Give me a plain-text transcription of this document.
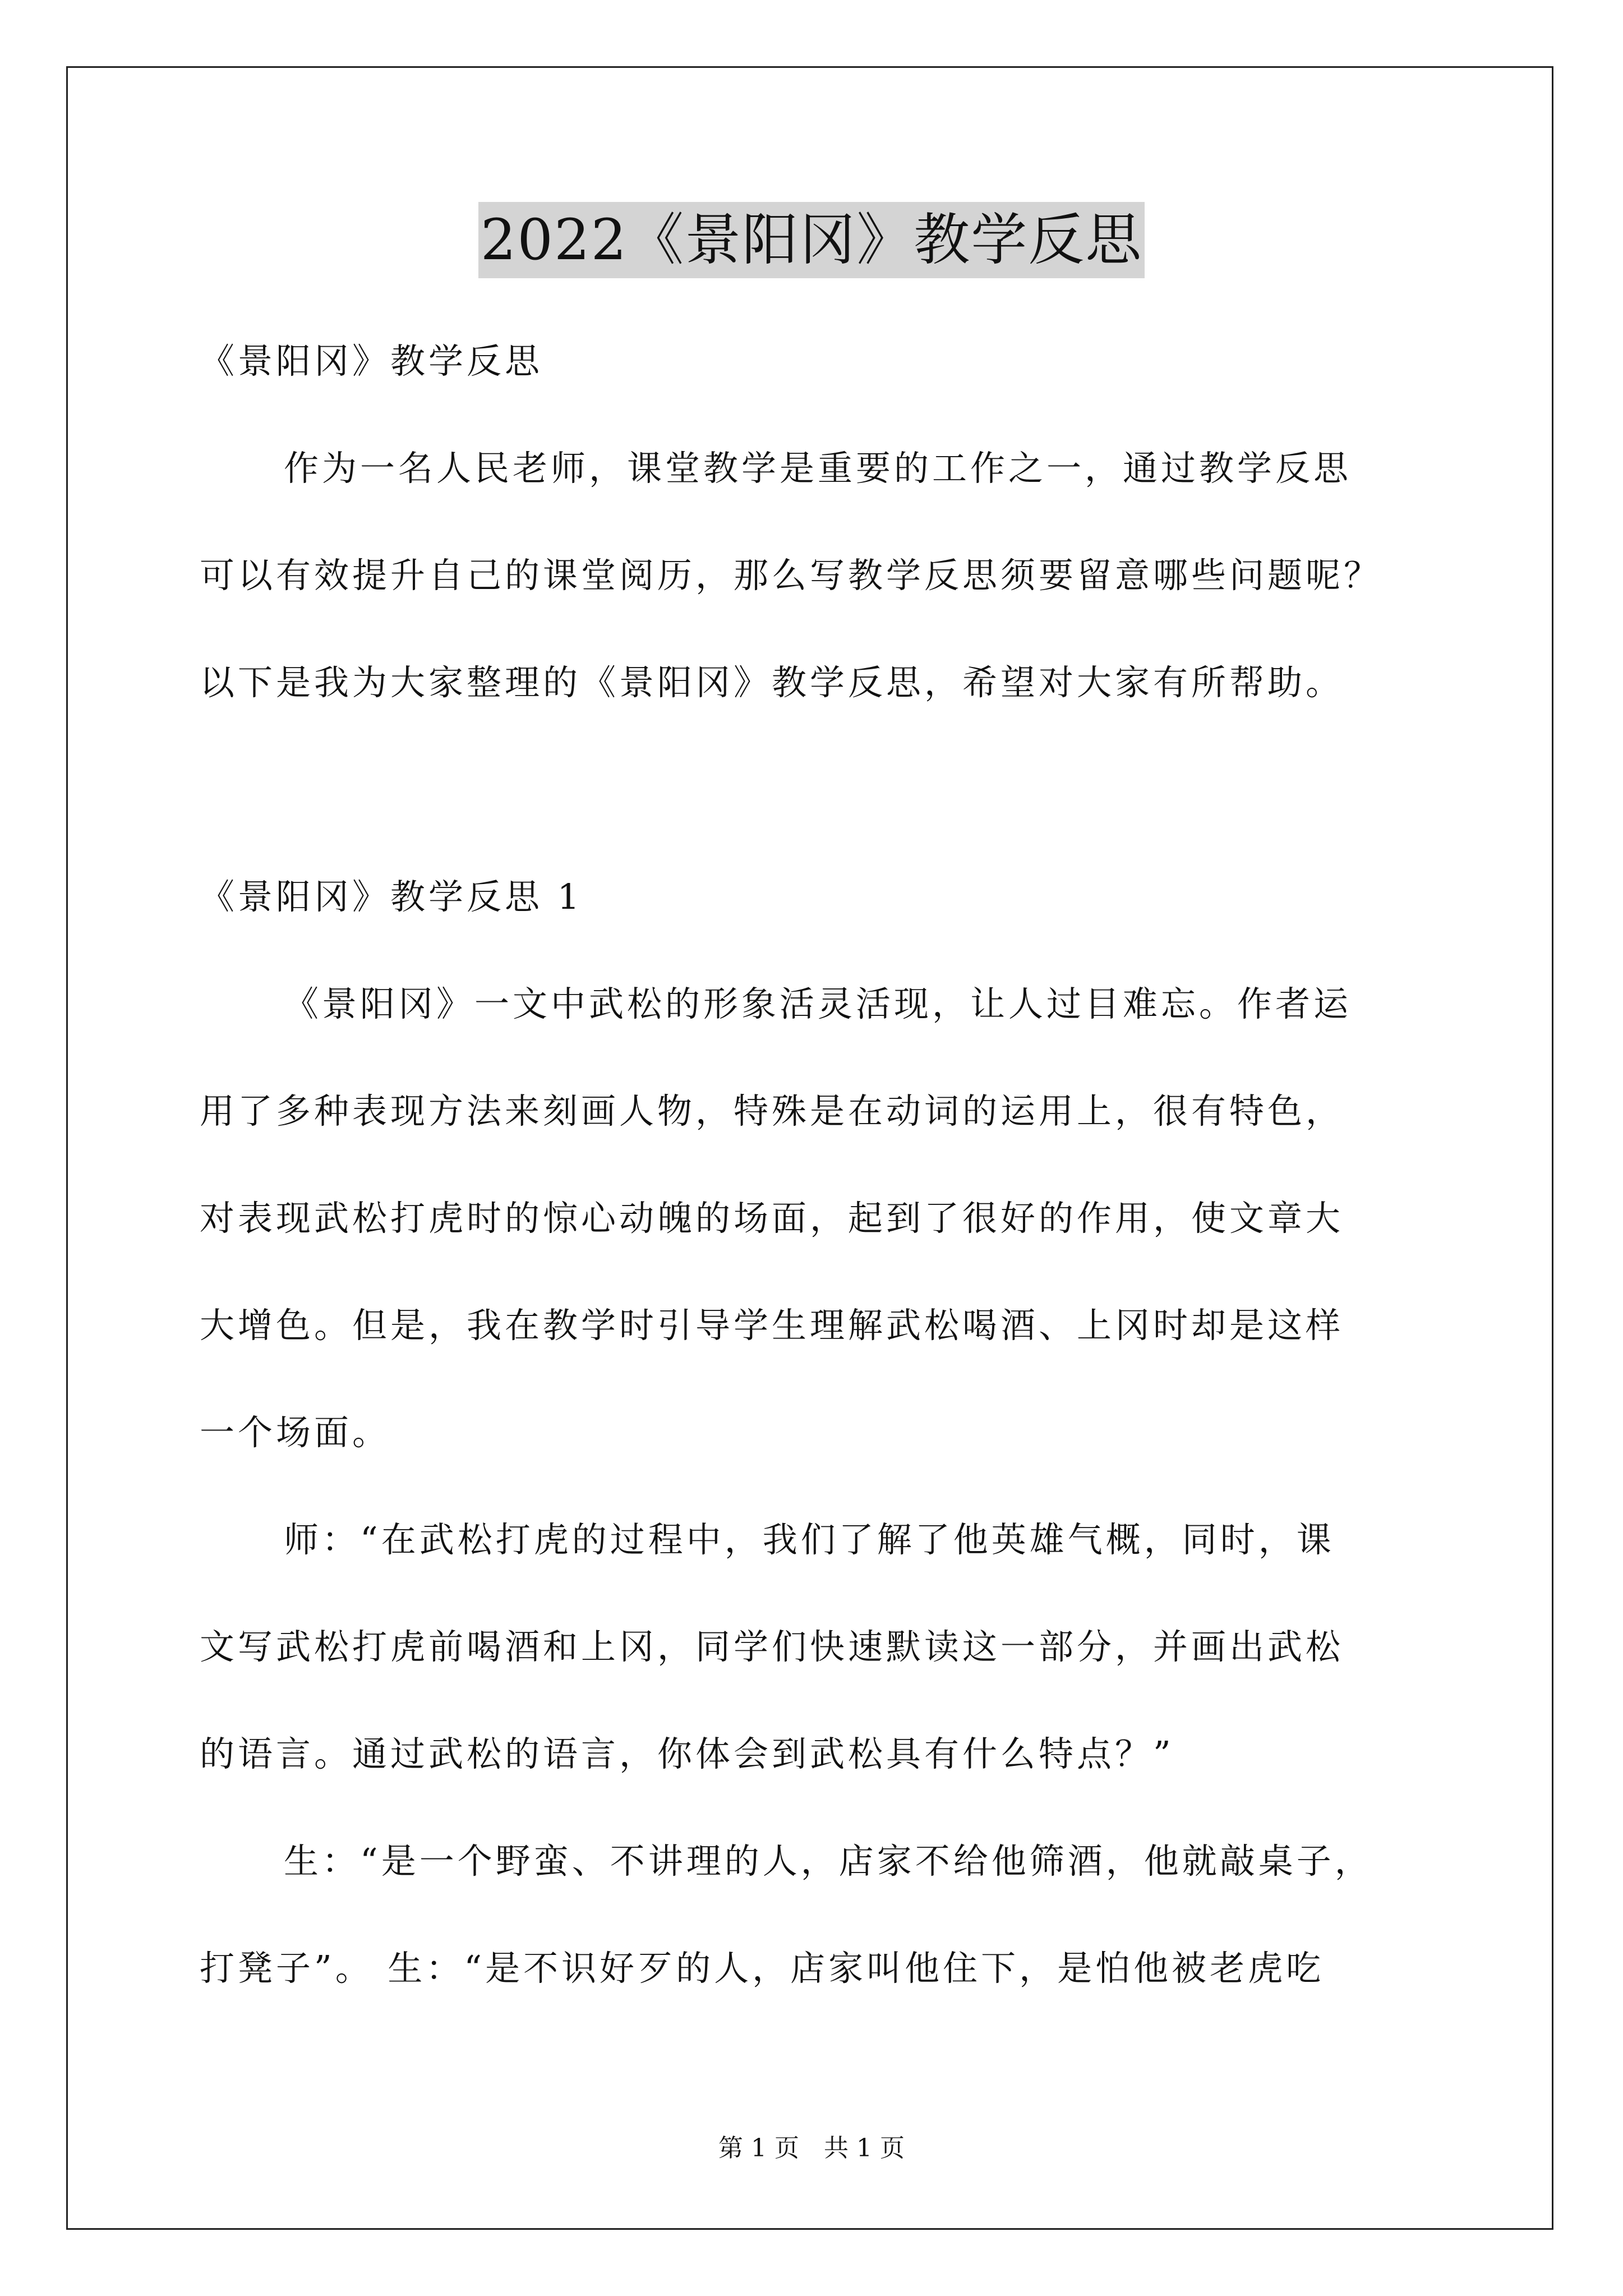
2022《景阳冈》教学反思
《景阳冈》教学反思
作为一名人民老师，课堂教学是重要的工作之一，通过教学反思
可以有效提升自己的课堂阅历，那么写教学反思须要留意哪些问题呢？
以下是我为大家整理的《景阳冈》教学反思，希望对大家有所帮助。
《景阳冈》教学反思 1
《景阳冈》一文中武松的形象活灵活现，让人过目难忘。作者运
用了多种表现方法来刻画人物，特殊是在动词的运用上，很有特色，
对表现武松打虎时的惊心动魄的场面，起到了很好的作用，使文章大
大增色。但是，我在教学时引导学生理解武松喝酒、上冈时却是这样
一个场面。
师：“在武松打虎的过程中，我们了解了他英雄气概，同时，课
文写武松打虎前喝酒和上冈，同学们快速默读这一部分，并画出武松
的语言。通过武松的语言，你体会到武松具有什么特点？”
生：“是一个野蛮、不讲理的人，店家不给他筛酒，他就敲桌子，
打凳子”。 生：“是不识好歹的人，店家叫他住下，是怕他被老虎吃
第 1 页 共 1 页
